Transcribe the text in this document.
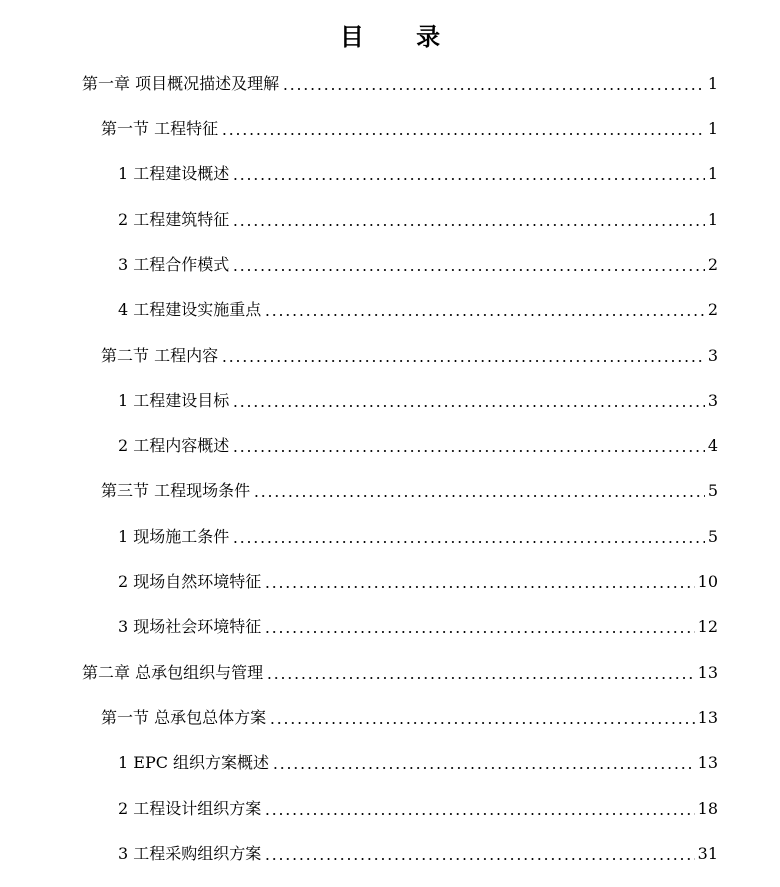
目 录
第一章 项目概况描述及理解	1
第一节 工程特征	1
1 工程建设概述	1
2 工程建筑特征	1
3 工程合作模式	2
4 工程建设实施重点	2
第二节 工程内容	3
1 工程建设目标	3
2 工程内容概述	4
第三节 工程现场条件	5
1 现场施工条件	5
2 现场自然环境特征	10
3 现场社会环境特征	12
第二章 总承包组织与管理	13
第一节 总承包总体方案	13
1 EPC 组织方案概述	13
2 工程设计组织方案	18
3 工程采购组织方案	31
